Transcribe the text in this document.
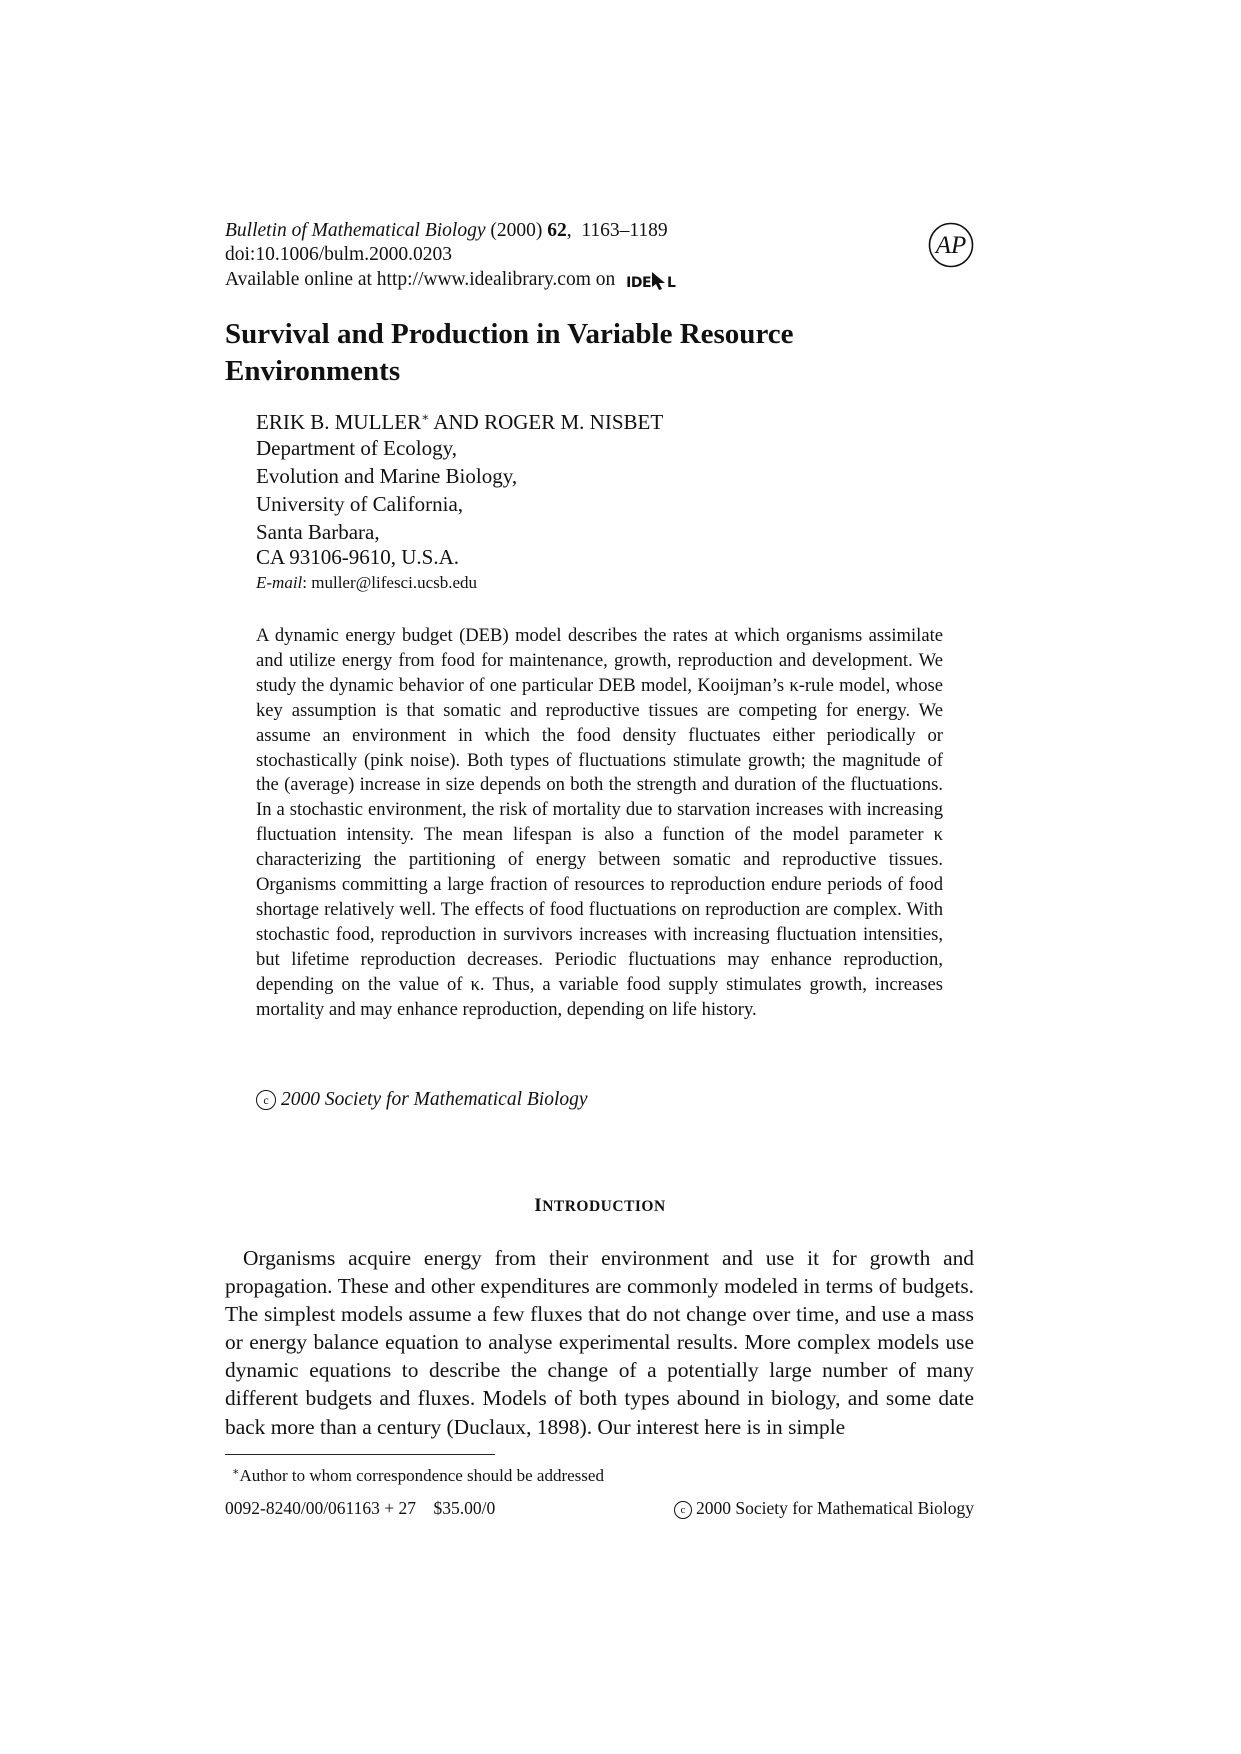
Bulletin of Mathematical Biology (2000) 62,  1163–1189
doi:10.1006/bulm.2000.0203
Available online at http://www.idealibrary.com on IDE L
AP
Survival and Production in Variable Resource Environments
ERIK B. MULLER∗ AND ROGER M. NISBET
Department of Ecology,
Evolution and Marine Biology,
University of California,
Santa Barbara,
CA 93106-9610, U.S.A.
E-mail: muller@lifesci.ucsb.edu
A dynamic energy budget (DEB) model describes the rates at which organisms assimilate and utilize energy from food for maintenance, growth, reproduction and development. We study the dynamic behavior of one particular DEB model, Kooijman’s κ-rule model, whose key assumption is that somatic and reproductive tissues are competing for energy. We assume an environment in which the food density fluctuates either periodically or stochastically (pink noise). Both types of fluctuations stimulate growth; the magnitude of the (average) increase in size depends on both the strength and duration of the fluctuations. In a stochastic environment, the risk of mortality due to starvation increases with increasing fluctuation intensity. The mean lifespan is also a function of the model parameter κ characterizing the partitioning of energy between somatic and reproductive tissues. Organisms committing a large fraction of resources to reproduction endure periods of food shortage relatively well. The effects of food fluctuations on reproduction are complex. With stochastic food, reproduction in survivors increases with increasing fluctuation intensities, but lifetime reproduction decreases. Periodic fluctuations may enhance reproduction, depending on the value of κ. Thus, a variable food supply stimulates growth, increases mortality and may enhance reproduction, depending on life history.
c 2000 Society for Mathematical Biology
INTRODUCTION
Organisms acquire energy from their environment and use it for growth and propagation. These and other expenditures are commonly modeled in terms of budgets. The simplest models assume a few fluxes that do not change over time, and use a mass or energy balance equation to analyse experimental results. More complex models use dynamic equations to describe the change of a potentially large number of many different budgets and fluxes. Models of both types abound in biology, and some date back more than a century (Duclaux, 1898). Our interest here is in simple
∗Author to whom correspondence should be addressed
0092-8240/00/061163 + 27 $35.00/0	c 2000 Society for Mathematical Biology
